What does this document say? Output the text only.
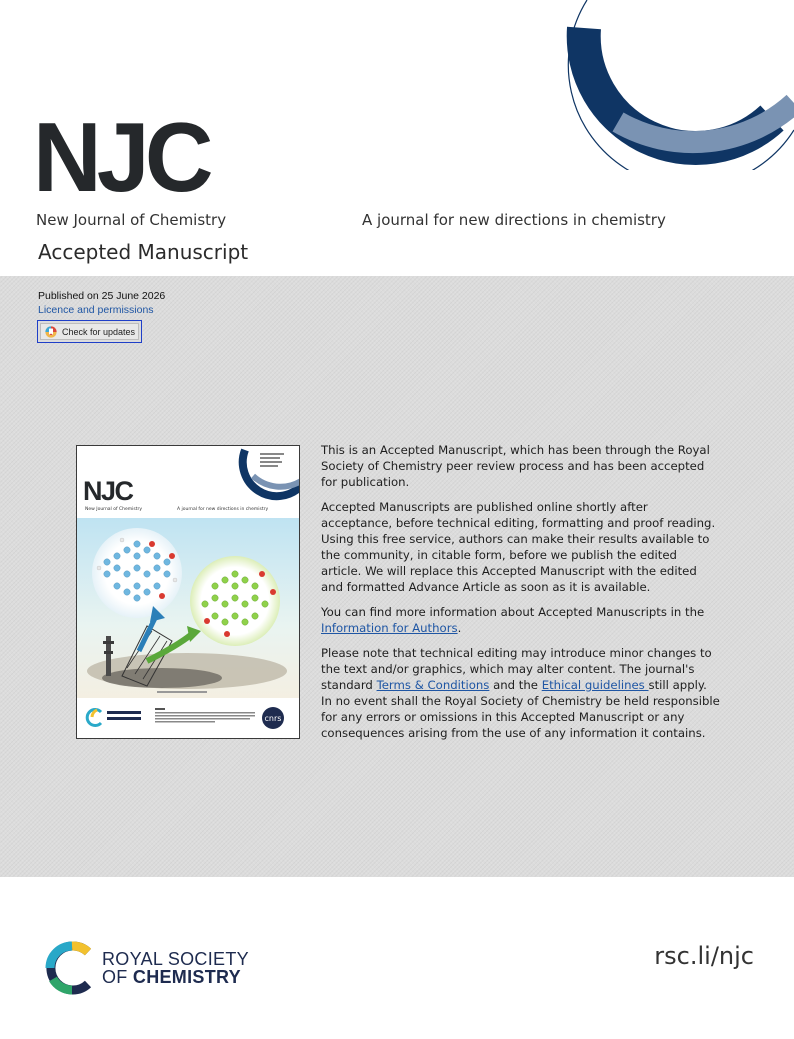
NJC
New Journal of Chemistry	A journal for new directions in chemistry
Accepted Manuscript
Published on 25 June 2026
Licence and permissions
Check for updates
cnrs
NJC
New Journal of Chemistry	A journal for new directions in chemistry

This is an Accepted Manuscript, which has been through the Royal Society of Chemistry peer review process and has been accepted for publication.

Accepted Manuscripts are published online shortly after acceptance, before technical editing, formatting and proof reading. Using this free service, authors can make their results available to the community, in citable form, before we publish the edited article. We will replace this Accepted Manuscript with the edited and formatted Advance Article as soon as it is available.

You can find more information about Accepted Manuscripts in the Information for Authors.

Please note that technical editing may introduce minor changes to the text and/or graphics, which may alter content. The journal's standard Terms & Conditions and the Ethical guidelines still apply. In no event shall the Royal Society of Chemistry be held responsible for any errors or omissions in this Accepted Manuscript or any consequences arising from the use of any information it contains.

ROYAL SOCIETY
OF CHEMISTRY
rsc.li/njc
